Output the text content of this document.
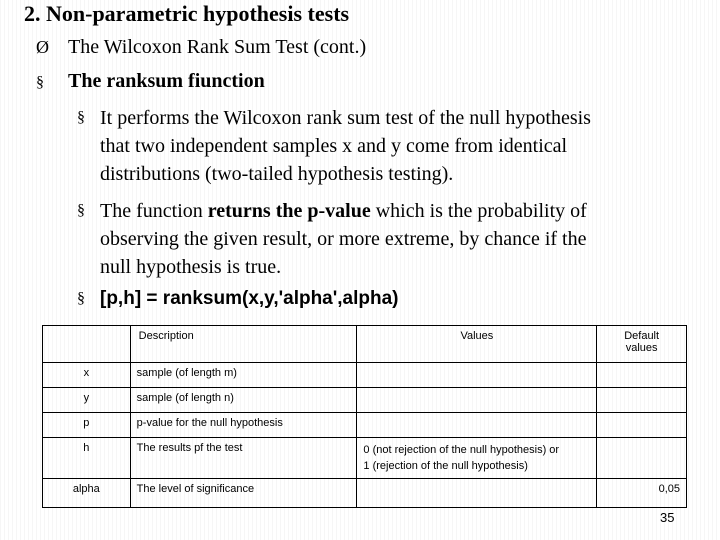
2. Non-parametric hypothesis tests
Ø The Wilcoxon Rank Sum Test (cont.)
§ The ranksum fiunction
§ It performs the Wilcoxon rank sum test of the null hypothesis
that two independent samples x and y come from identical
distributions (two-tailed hypothesis testing).
§ The function returns the p-value which is the probability of
observing the given result, or more extreme, by chance if the
null hypothesis is true.
§ [p,h] = ranksum(x,y,'alpha',alpha)
	Description	Values	Default
values
x	sample (of length m)		
y	sample (of length n)		
p	p-value for the null hypothesis		
h	The results pf the test	0 (not rejection of the null hypothesis) or
1 (rejection of the null hypothesis)	
alpha	The level of significance		0,05
35
